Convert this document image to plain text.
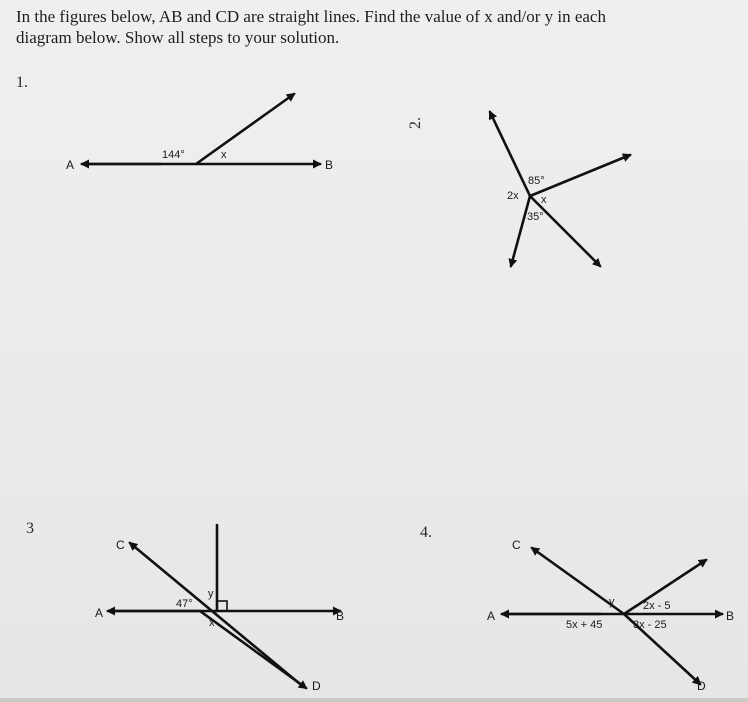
In the figures below, AB and CD are straight lines. Find the value of x and/or y in each
diagram below. Show all steps to your solution.
1.
2.
3	4.
A	B
144°	x
85°
2x x
35°
A	B
C
D
47°
y
x	A	B
C
D
y	2x - 5
5x + 45	3x - 25
